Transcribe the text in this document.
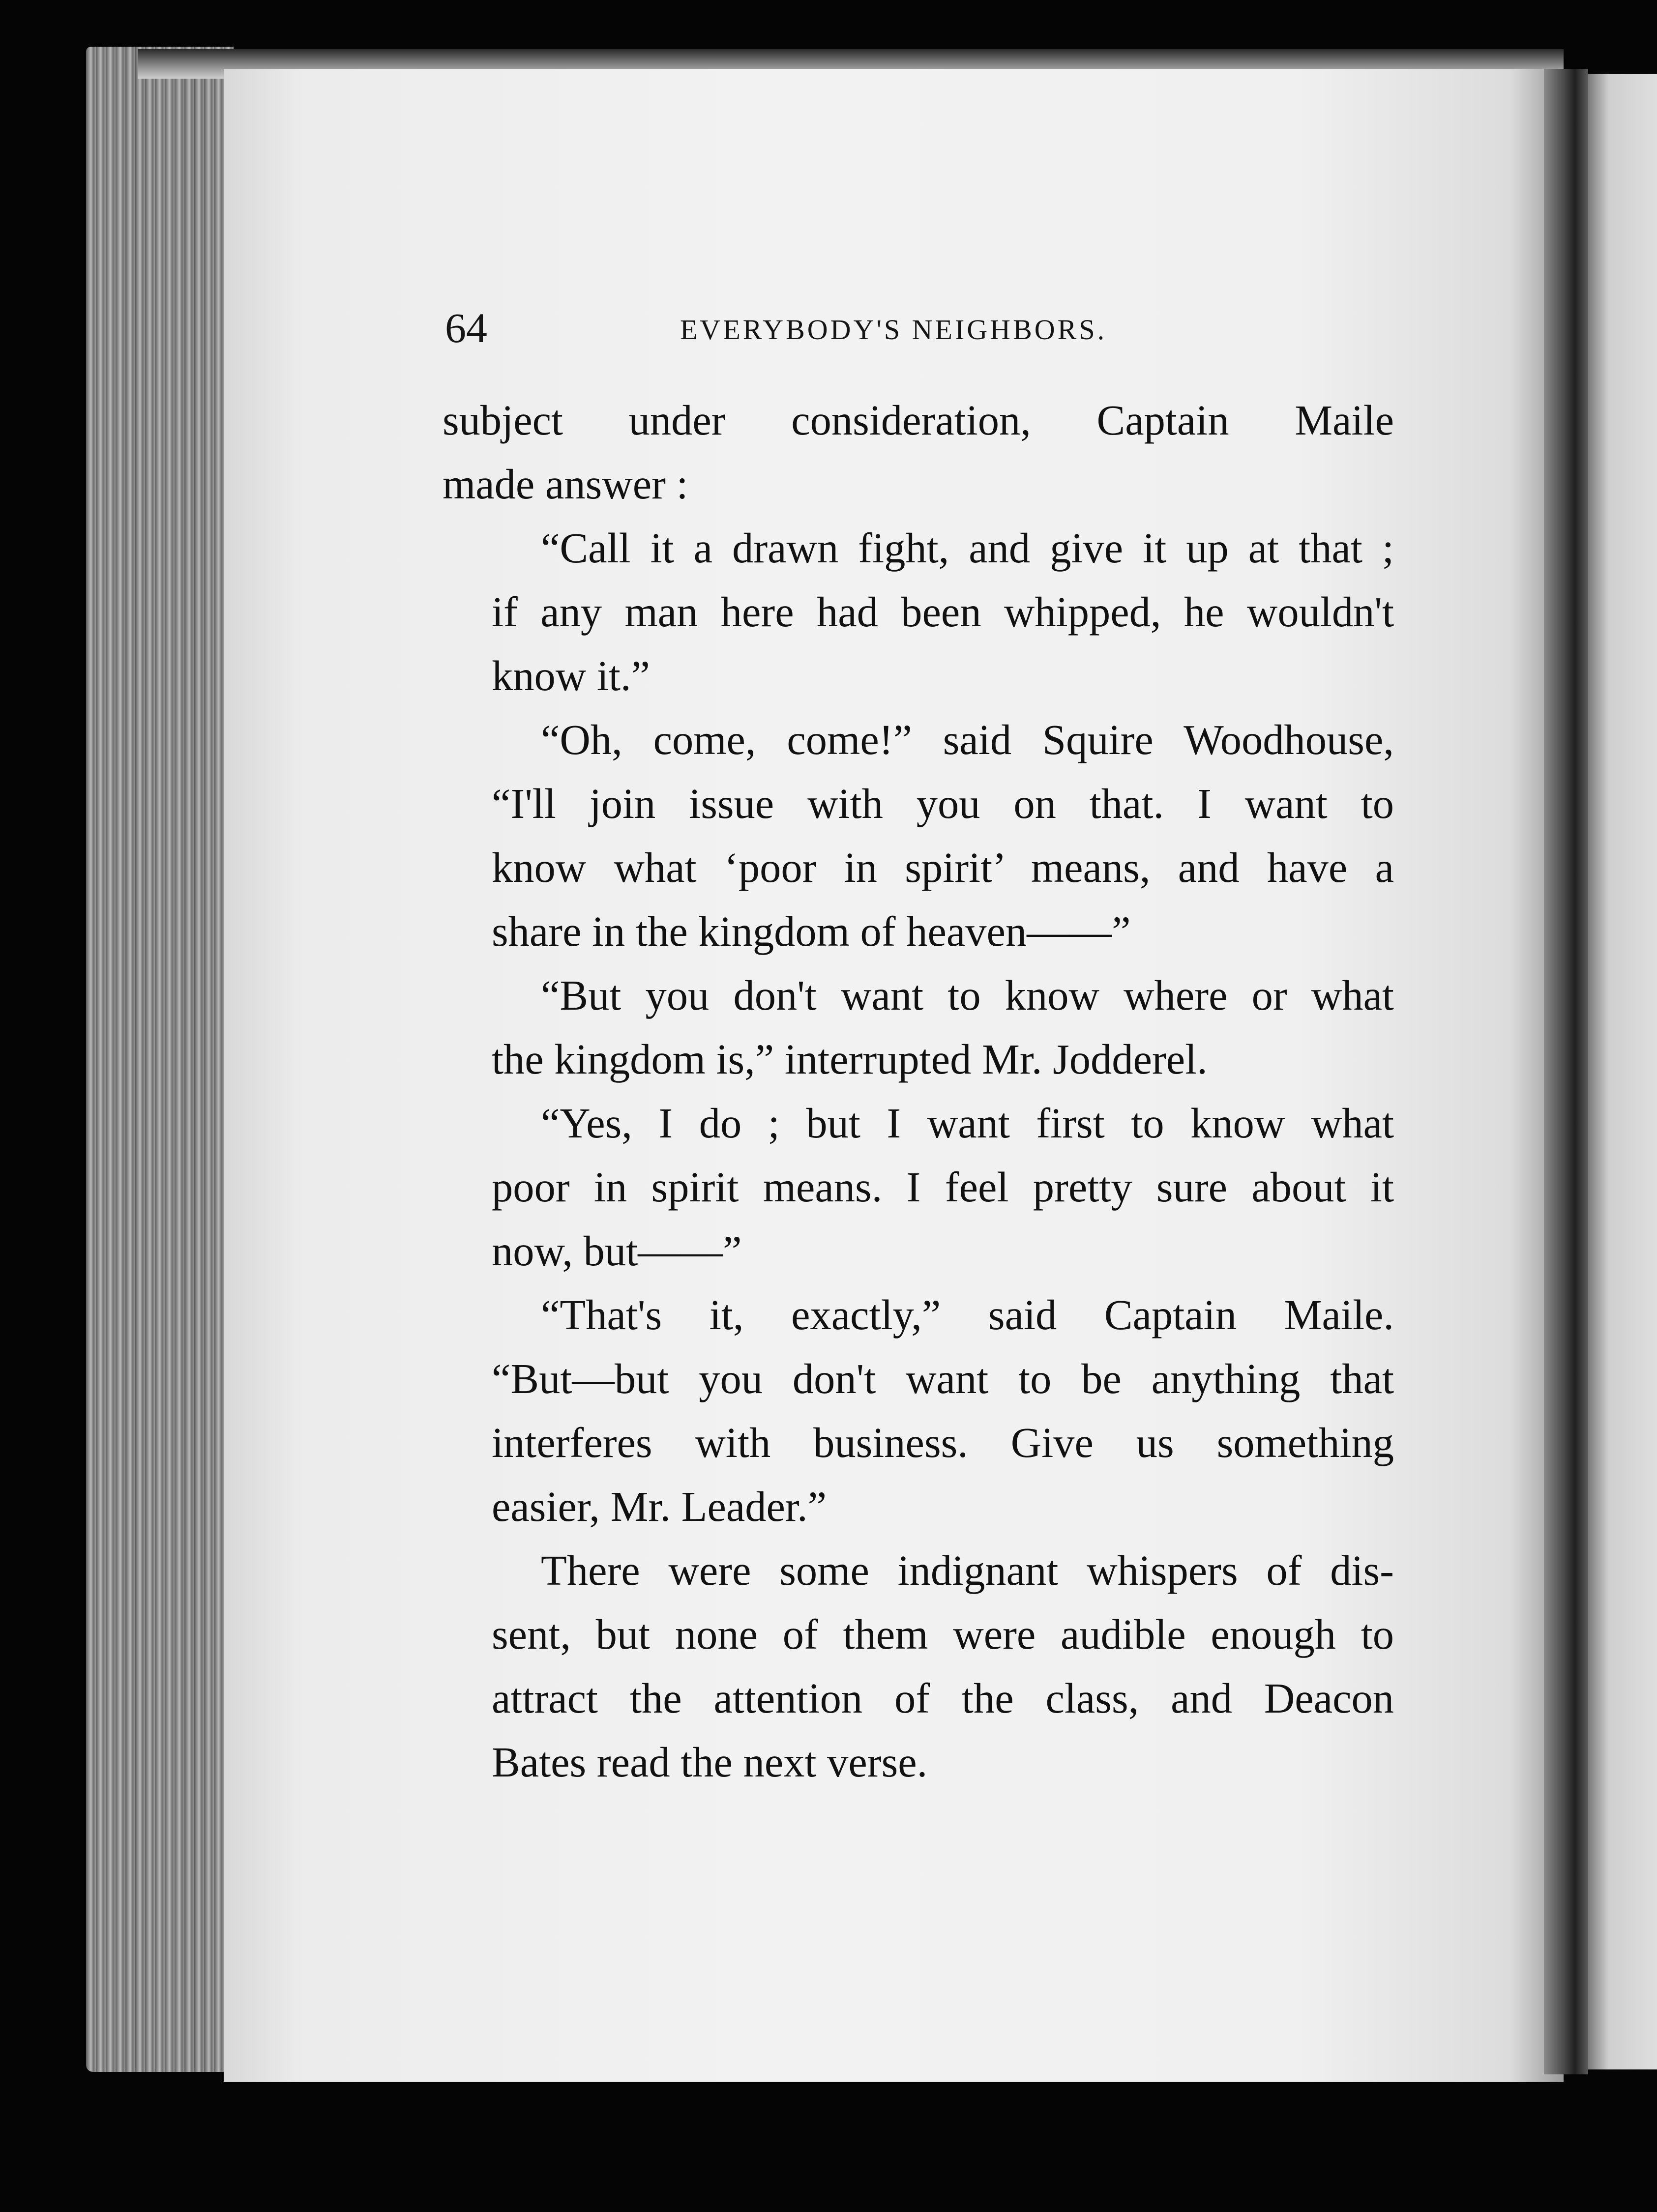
64	EVERYBODY'S NEIGHBORS.
subject under consideration, Captain Maile
made answer :
“Call it a drawn fight, and give it up at that ;
if any man here had been whipped, he wouldn't
know it.”
“Oh, come, come!” said Squire Woodhouse,
“I'll join issue with you on that. I want to
know what ‘poor in spirit’ means, and have a
share in the kingdom of heaven——”
“But you don't want to know where or what
the kingdom is,” interrupted Mr. Jodderel.
“Yes, I do ; but I want first to know what
poor in spirit means. I feel pretty sure about it
now, but——”
“That's it, exactly,” said Captain Maile.
“But—but you don't want to be anything that
interferes with business. Give us something
easier, Mr. Leader.”
There were some indignant whispers of dis-
sent, but none of them were audible enough to
attract the attention of the class, and Deacon
Bates read the next verse.
